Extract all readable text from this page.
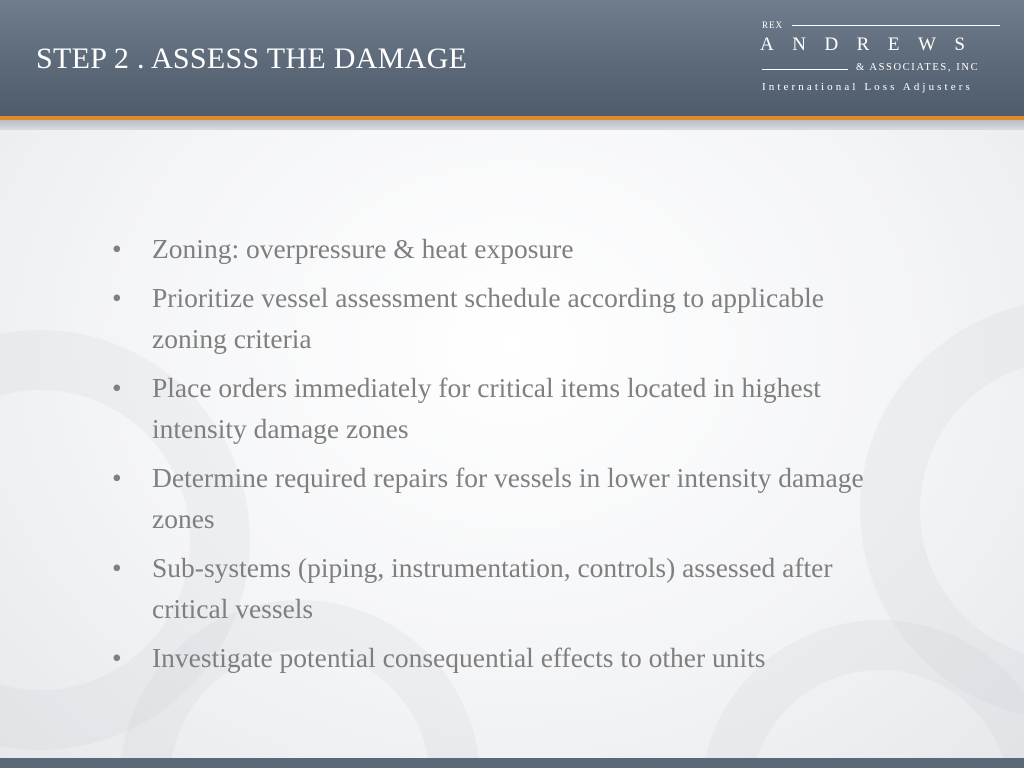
STEP 2 . ASSESS THE DAMAGE
REX
ANDREWS
& ASSOCIATES, INC
International Loss Adjusters
• Zoning: overpressure & heat exposure
• Prioritize vessel assessment schedule according to applicable zoning criteria
• Place orders immediately for critical items located in highest intensity damage zones
• Determine required repairs for vessels in lower intensity damage zones
• Sub-systems (piping, instrumentation, controls) assessed after critical vessels
• Investigate potential consequential effects to other units
